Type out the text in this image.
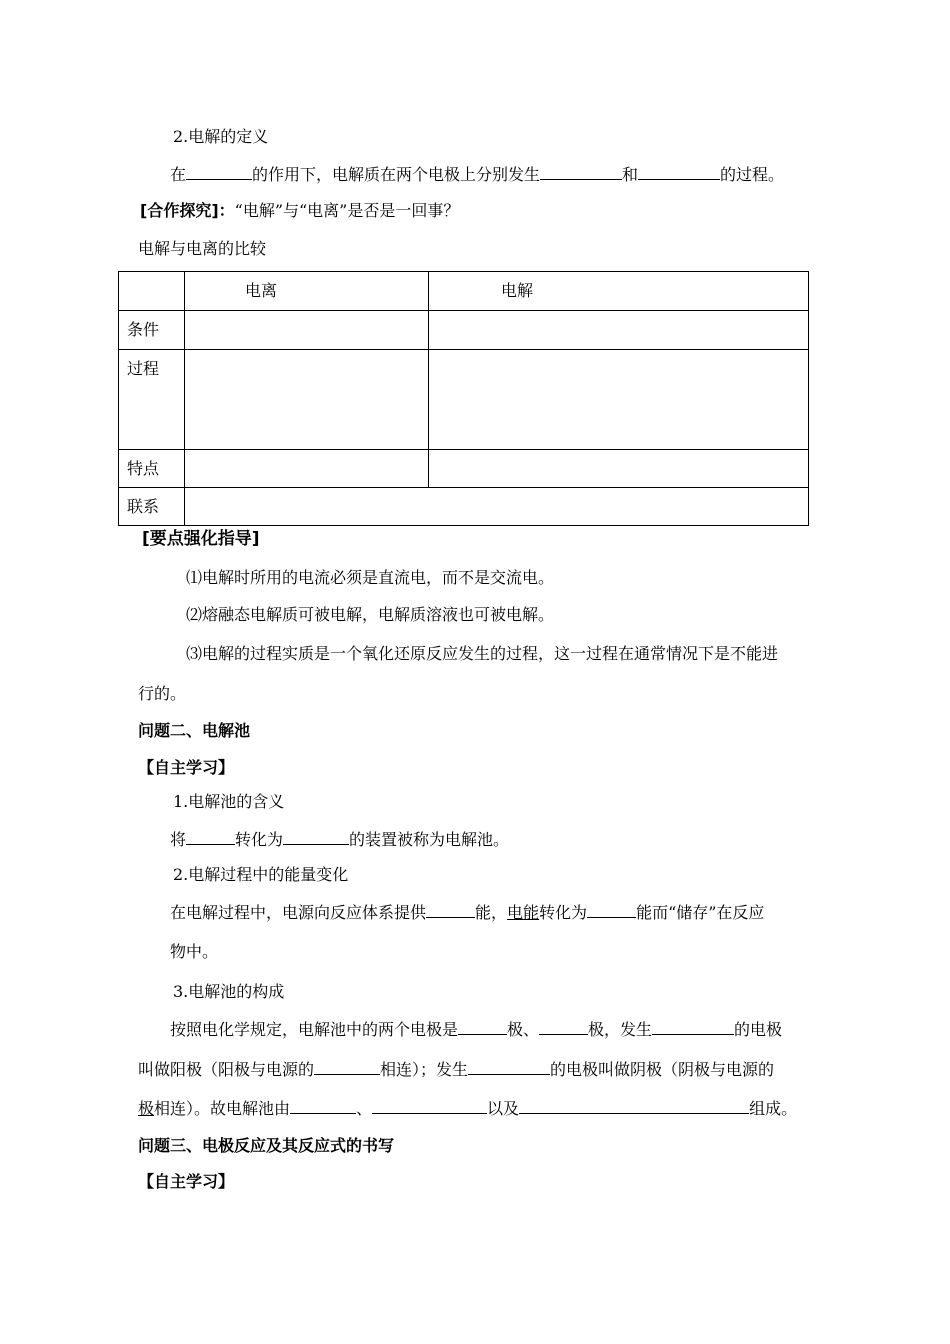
2.电解的定义
在	的作用下，电解质在两个电极上分别发生	和	的过程。
[合作探究]：“电解”与“电离”是否是一回事？
电解与电离的比较
	电离	电解
条件		
过程		
特点		
联系		
[要点强化指导]
⑴电解时所用的电流必须是直流电，而不是交流电。
⑵熔融态电解质可被电解，电解质溶液也可被电解。
⑶电解的过程实质是一个氧化还原反应发生的过程，这一过程在通常情况下是不能进
行的。
问题二、电解池
【自主学习】
1.电解池的含义
将	转化为	的装置被称为电解池。
2.电解过程中的能量变化
在电解过程中，电源向反应体系提供	能，电能转化为	能而“储存”在反应
物中。
3.电解池的构成
按照电化学规定，电解池中的两个电极是	极、	极，发生	的电极
叫做阳极（阳极与电源的	相连）；发生	的电极叫做阴极（阴极与电源的
极相连）。故电解池由	、	以及	组成。
问题三、电极反应及其反应式的书写
【自主学习】
